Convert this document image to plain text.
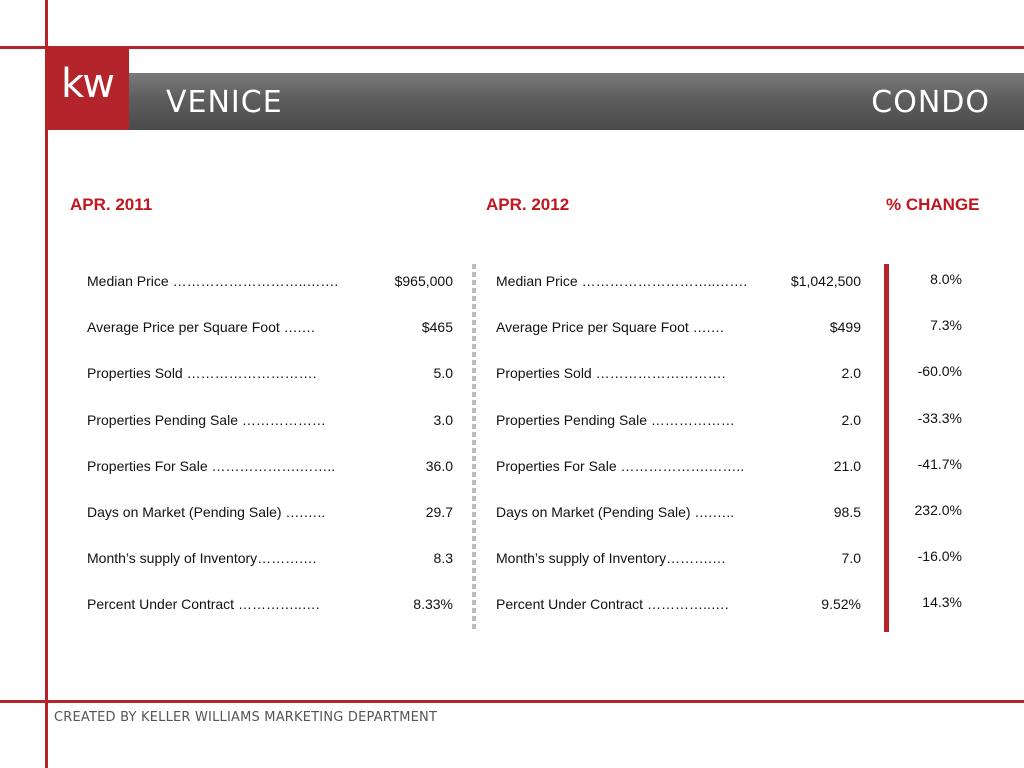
kw VENICE	CONDO
APR. 2011	APR. 2012	% CHANGE
Median Price ………………………..…….	$965,000	Median Price ………………………..…….	$1,042,500	8.0%
Average Price per Square Foot ….…	$465	Average Price per Square Foot ….…	$499	7.3%
Properties Sold ……………………….	5.0	Properties Sold ……………………….	2.0	-60.0%
Properties Pending Sale ………………	3.0	Properties Pending Sale ………………	2.0	-33.3%
Properties For Sale ……………….……..	36.0	Properties For Sale ……………….……..	21.0	-41.7%
Days on Market (Pending Sale) ….…..	29.7	Days on Market (Pending Sale) ….…..	98.5	232.0%
Month’s supply of Inventory……….…	8.3	Month’s supply of Inventory……….…	7.0	-16.0%
Percent Under Contract …………..….	8.33%	Percent Under Contract …………..….	9.52%	14.3%
CREATED BY KELLER WILLIAMS MARKETING DEPARTMENT
